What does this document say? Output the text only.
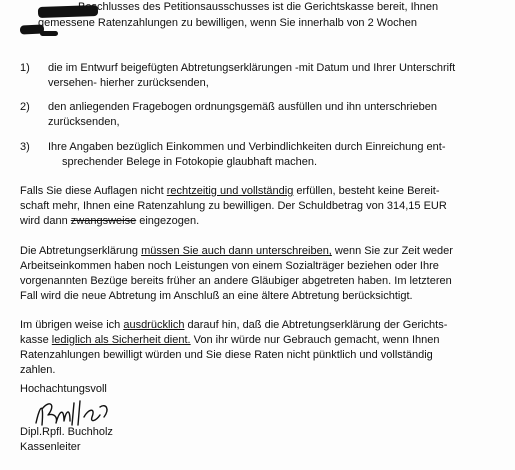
Beschlusses des Petitionsausschusses ist die Gerichtskasse bereit, Ihnen
gemessene Ratenzahlungen zu bewilligen, wenn Sie innerhalb von 2 Wochen
1)	die im Entwurf beigefügten Abtretungserklärungen -mit Datum und Ihrer Unterschrift
versehen- hierher zurücksenden,
2)	den anliegenden Fragebogen ordnungsgemäß ausfüllen und ihn unterschrieben
zurücksenden,
3)	Ihre Angaben bezüglich Einkommen und Verbindlichkeiten durch Einreichung ent-
sprechender Belege in Fotokopie glaubhaft machen.
Falls Sie diese Auflagen nicht rechtzeitig und vollständig erfüllen, besteht keine Bereit-
schaft mehr, Ihnen eine Ratenzahlung zu bewilligen. Der Schuldbetrag von 314,15 EUR
wird dann zwangsweise eingezogen.
Die Abtretungserklärung müssen Sie auch dann unterschreiben, wenn Sie zur Zeit weder
Arbeitseinkommen haben noch Leistungen von einem Sozialträger beziehen oder Ihre
vorgenannten Bezüge bereits früher an andere Gläubiger abgetreten haben. Im letzteren
Fall wird die neue Abtretung im Anschluß an eine ältere Abtretung berücksichtigt.
Im übrigen weise ich ausdrücklich darauf hin, daß die Abtretungserklärung der Gerichts-
kasse lediglich als Sicherheit dient. Von ihr würde nur Gebrauch gemacht, wenn Ihnen
Ratenzahlungen bewilligt würden und Sie diese Raten nicht pünktlich und vollständig
zahlen.
Hochachtungsvoll
Dipl.Rpfl. Buchholz
Kassenleiter
